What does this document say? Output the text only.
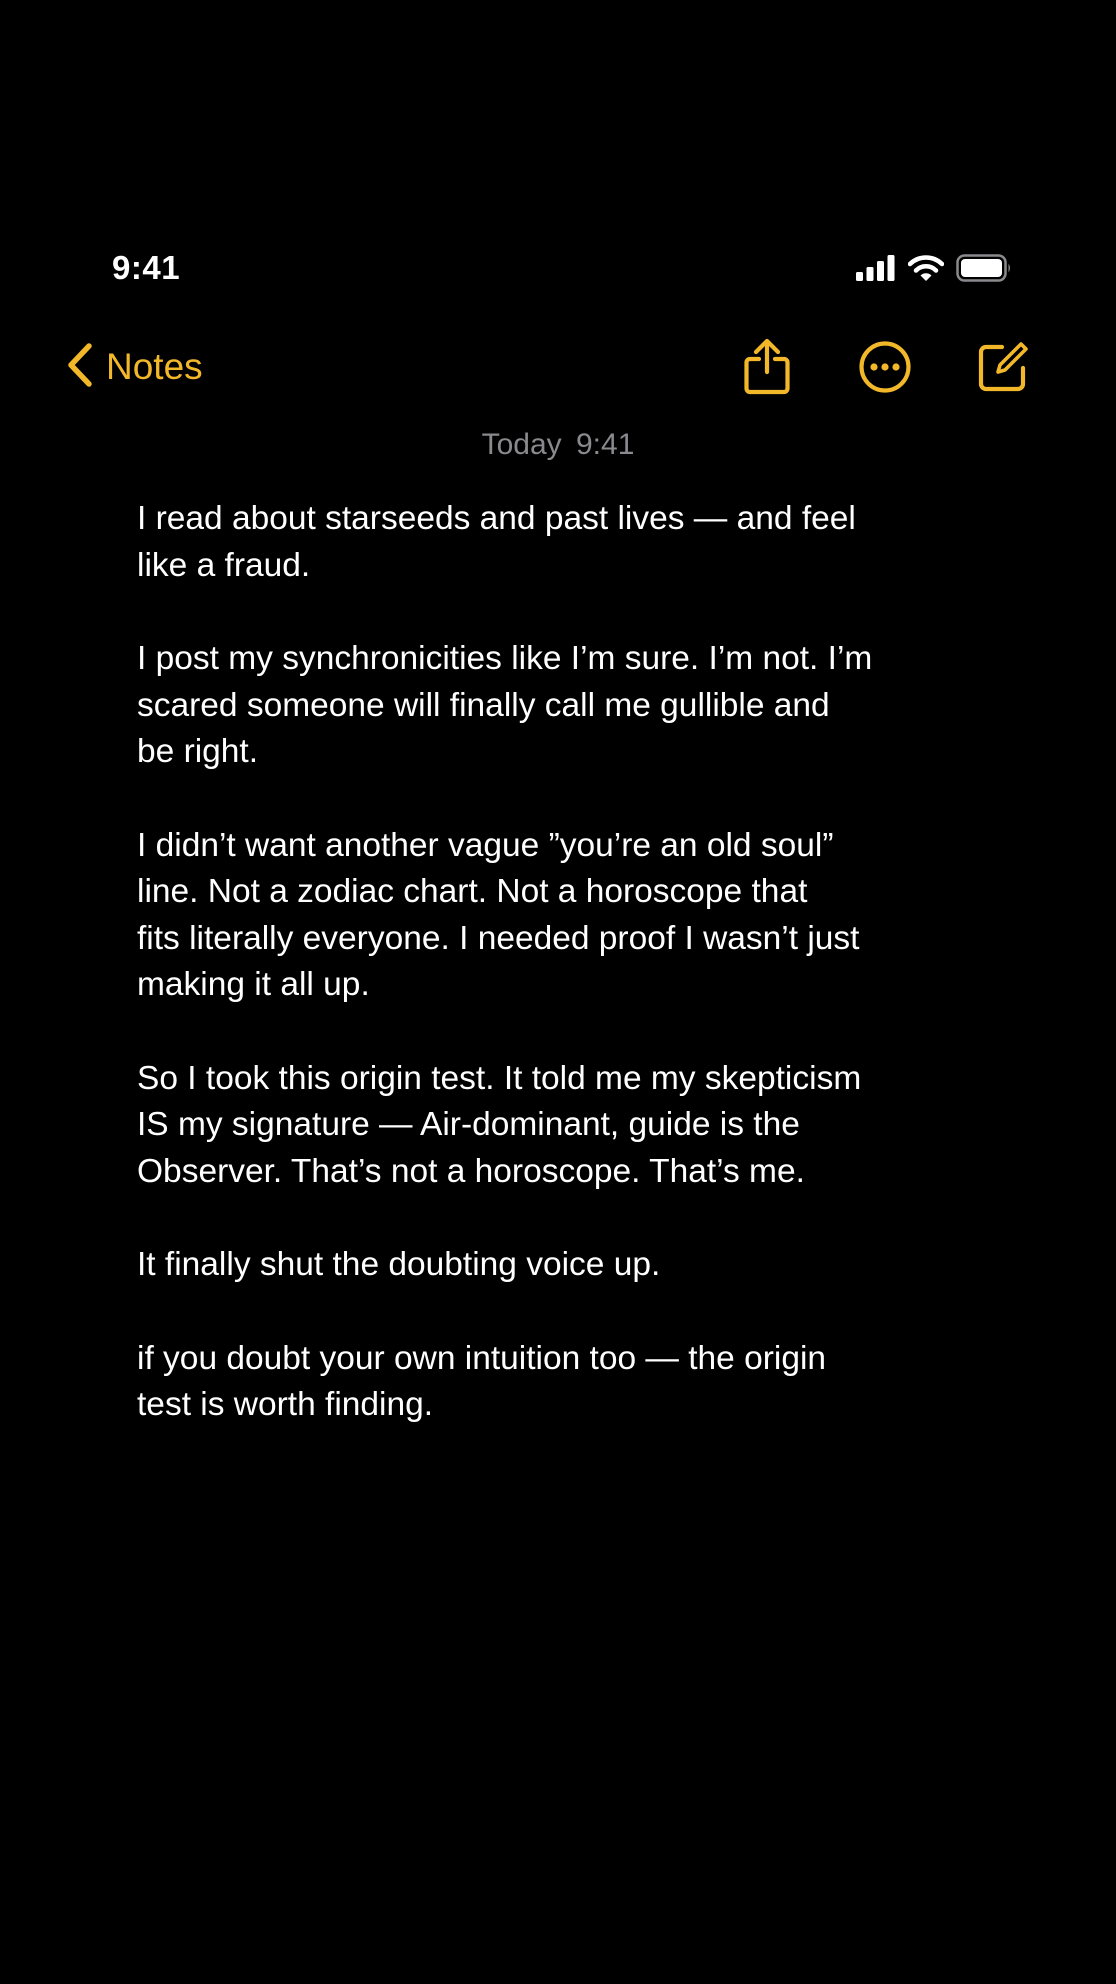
9:41
Notes
Today 9:41

I read about starseeds and past lives — and feel
like a fraud.

I post my synchronicities like I’m sure. I’m not. I’m
scared someone will finally call me gullible and
be right.

I didn’t want another vague ”you’re an old soul”
line. Not a zodiac chart. Not a horoscope that
fits literally everyone. I needed proof I wasn’t just
making it all up.

So I took this origin test. It told me my skepticism
IS my signature — Air-dominant, guide is the
Observer. That’s not a horoscope. That’s me.

It finally shut the doubting voice up.

if you doubt your own intuition too — the origin
test is worth finding.
